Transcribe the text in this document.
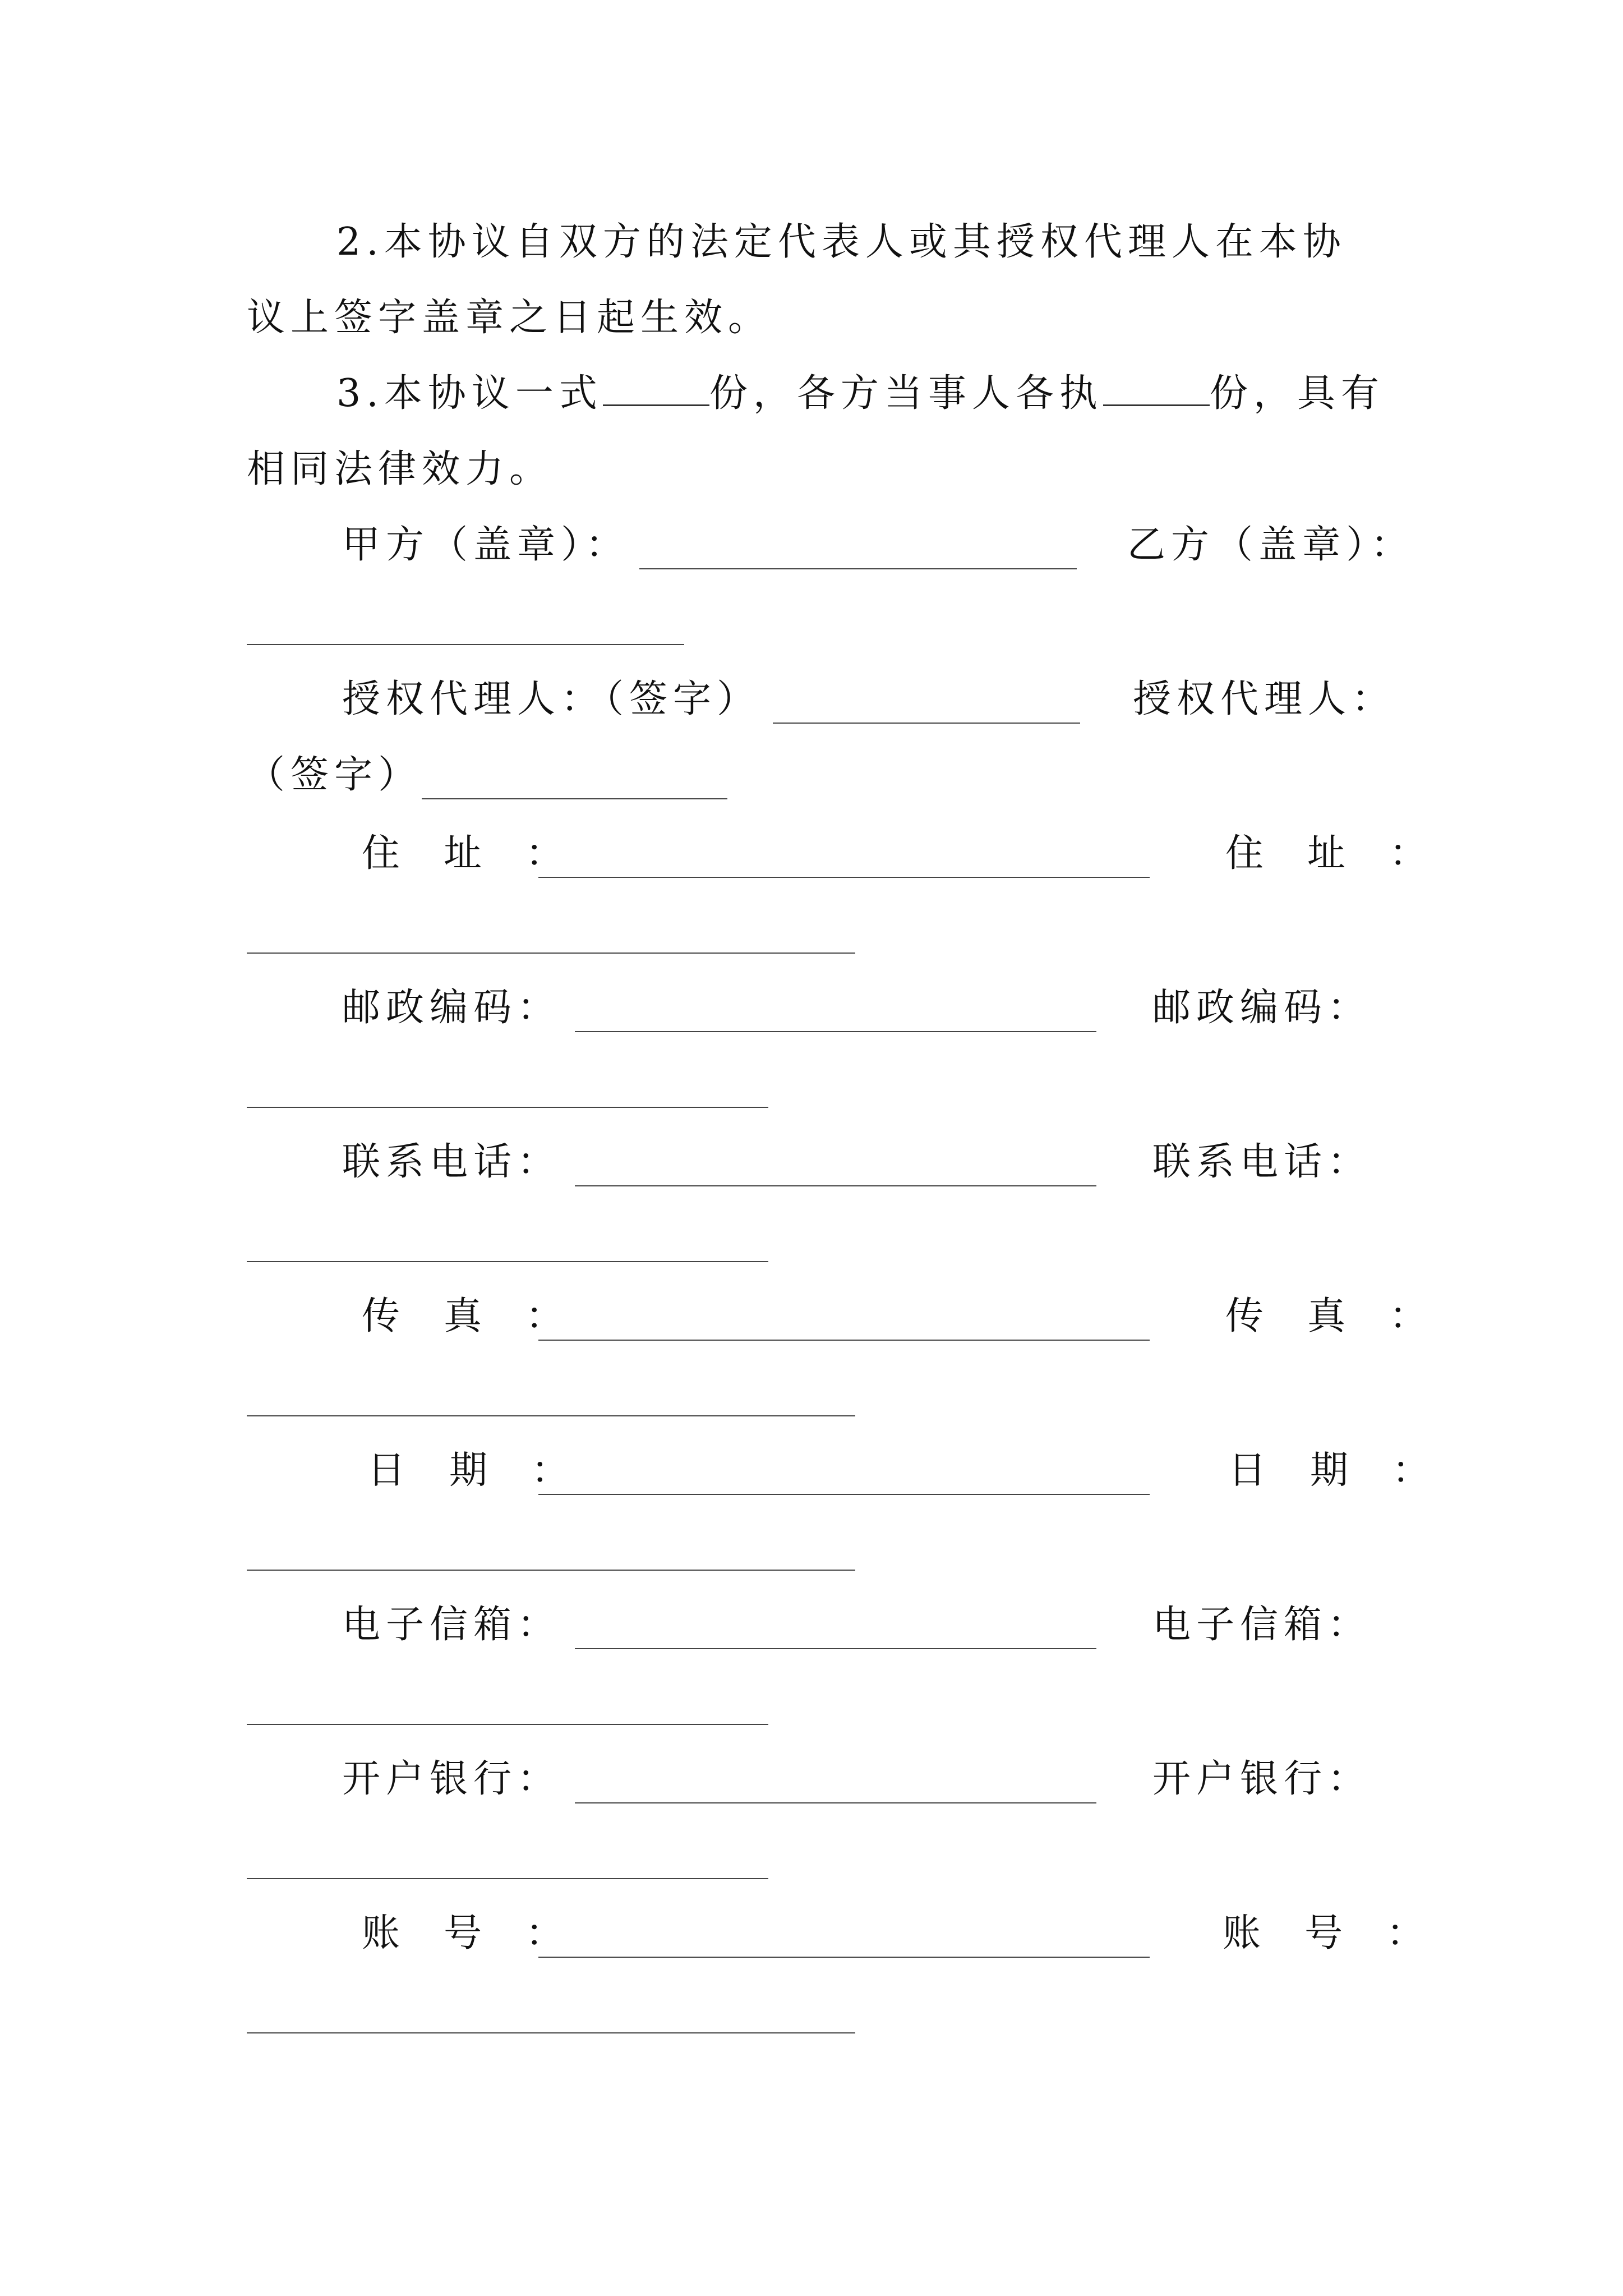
2.本协议自双方的法定代表人或其授权代理人在本协
议上签字盖章之日起生效。
3.本协议一式	份，各方当事人各执	份，具有
相同法律效力。
甲方（盖章）：	乙方（盖章）：
授权代理人：（签字）	授权代理人：
（签字）
住址：	住址：
邮政编码：	邮政编码：
联系电话：	联系电话：
传真：	传真：
日期：	日期：
电子信箱：	电子信箱：
开户银行：	开户银行：
账号：	账号：
